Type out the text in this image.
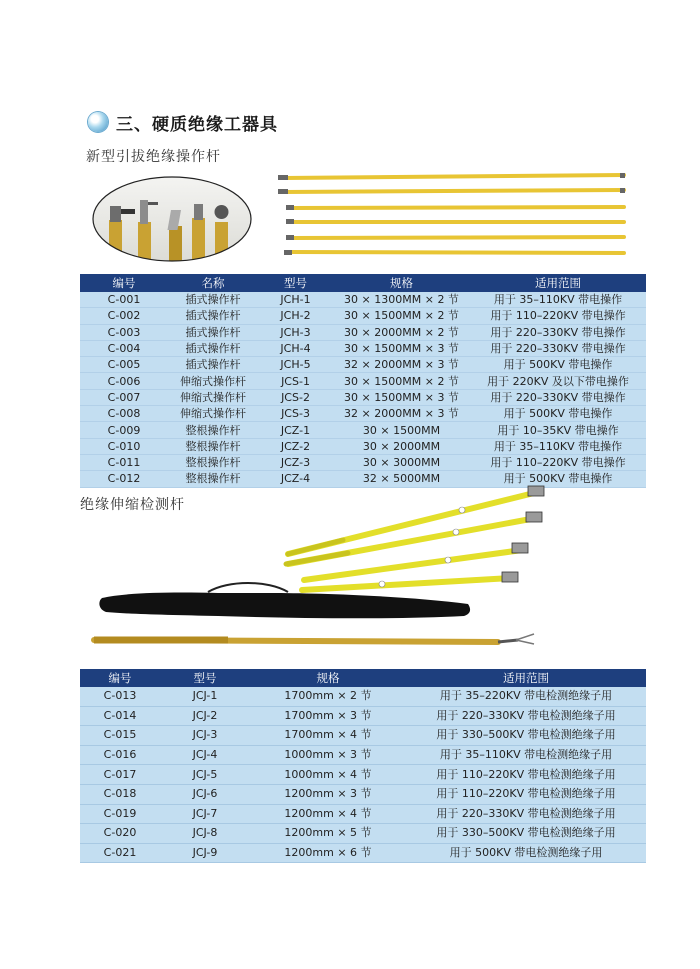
三、硬质绝缘工器具
新型引拔绝缘操作杆
编号	名称	型号	规格	适用范围
C-001	插式操作杆	JCH-1	30 × 1300MM × 2 节	用于 35–110KV 带电操作
C-002	插式操作杆	JCH-2	30 × 1500MM × 2 节	用于 110–220KV 带电操作
C-003	插式操作杆	JCH-3	30 × 2000MM × 2 节	用于 220–330KV 带电操作
C-004	插式操作杆	JCH-4	30 × 1500MM × 3 节	用于 220–330KV 带电操作
C-005	插式操作杆	JCH-5	32 × 2000MM × 3 节	用于 500KV 带电操作
C-006	伸缩式操作杆	JCS-1	30 × 1500MM × 2 节	用于 220KV 及以下带电操作
C-007	伸缩式操作杆	JCS-2	30 × 1500MM × 3 节	用于 220–330KV 带电操作
C-008	伸缩式操作杆	JCS-3	32 × 2000MM × 3 节	用于 500KV 带电操作
C-009	整根操作杆	JCZ-1	30 × 1500MM	用于 10–35KV 带电操作
C-010	整根操作杆	JCZ-2	30 × 2000MM	用于 35–110KV 带电操作
C-011	整根操作杆	JCZ-3	30 × 3000MM	用于 110–220KV 带电操作
C-012	整根操作杆	JCZ-4	32 × 5000MM	用于 500KV 带电操作
绝缘伸缩检测杆
编号	型号	规格	适用范围
C-013	JCJ-1	1700mm × 2 节	用于 35–220KV 带电检测绝缘子用
C-014	JCJ-2	1700mm × 3 节	用于 220–330KV 带电检测绝缘子用
C-015	JCJ-3	1700mm × 4 节	用于 330–500KV 带电检测绝缘子用
C-016	JCJ-4	1000mm × 3 节	用于 35–110KV 带电检测绝缘子用
C-017	JCJ-5	1000mm × 4 节	用于 110–220KV 带电检测绝缘子用
C-018	JCJ-6	1200mm × 3 节	用于 110–220KV 带电检测绝缘子用
C-019	JCJ-7	1200mm × 4 节	用于 220–330KV 带电检测绝缘子用
C-020	JCJ-8	1200mm × 5 节	用于 330–500KV 带电检测绝缘子用
C-021	JCJ-9	1200mm × 6 节	用于 500KV 带电检测绝缘子用
